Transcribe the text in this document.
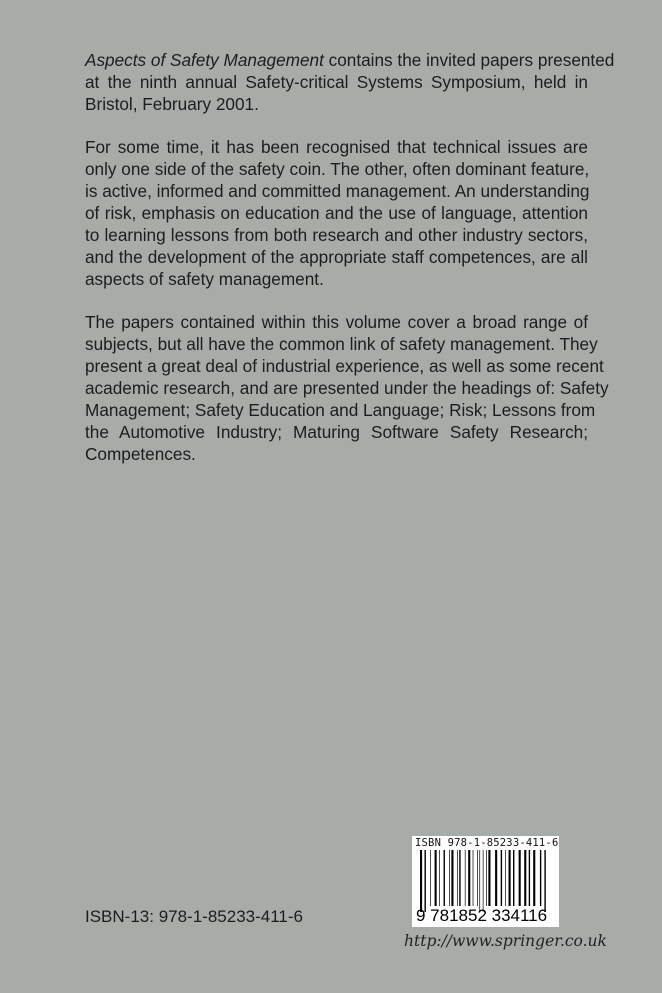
Aspects of Safety Management contains the invited papers presented
at the ninth annual Safety-critical Systems Symposium, held in
Bristol, February 2001.

For some time, it has been recognised that technical issues are
only one side of the safety coin. The other, often dominant feature,
is active, informed and committed management. An understanding
of risk, emphasis on education and the use of language, attention
to learning lessons from both research and other industry sectors,
and the development of the appropriate staff competences, are all
aspects of safety management.

The papers contained within this volume cover a broad range of
subjects, but all have the common link of safety management. They
present a great deal of industrial experience, as well as some recent
academic research, and are presented under the headings of: Safety
Management; Safety Education and Language; Risk; Lessons from
the Automotive Industry; Maturing Software Safety Research;
Competences.

ISBN-13: 978-1-85233-411-6
ISBN 978-1-85233-411-6
9 781852 334116
http://www.springer.co.uk
